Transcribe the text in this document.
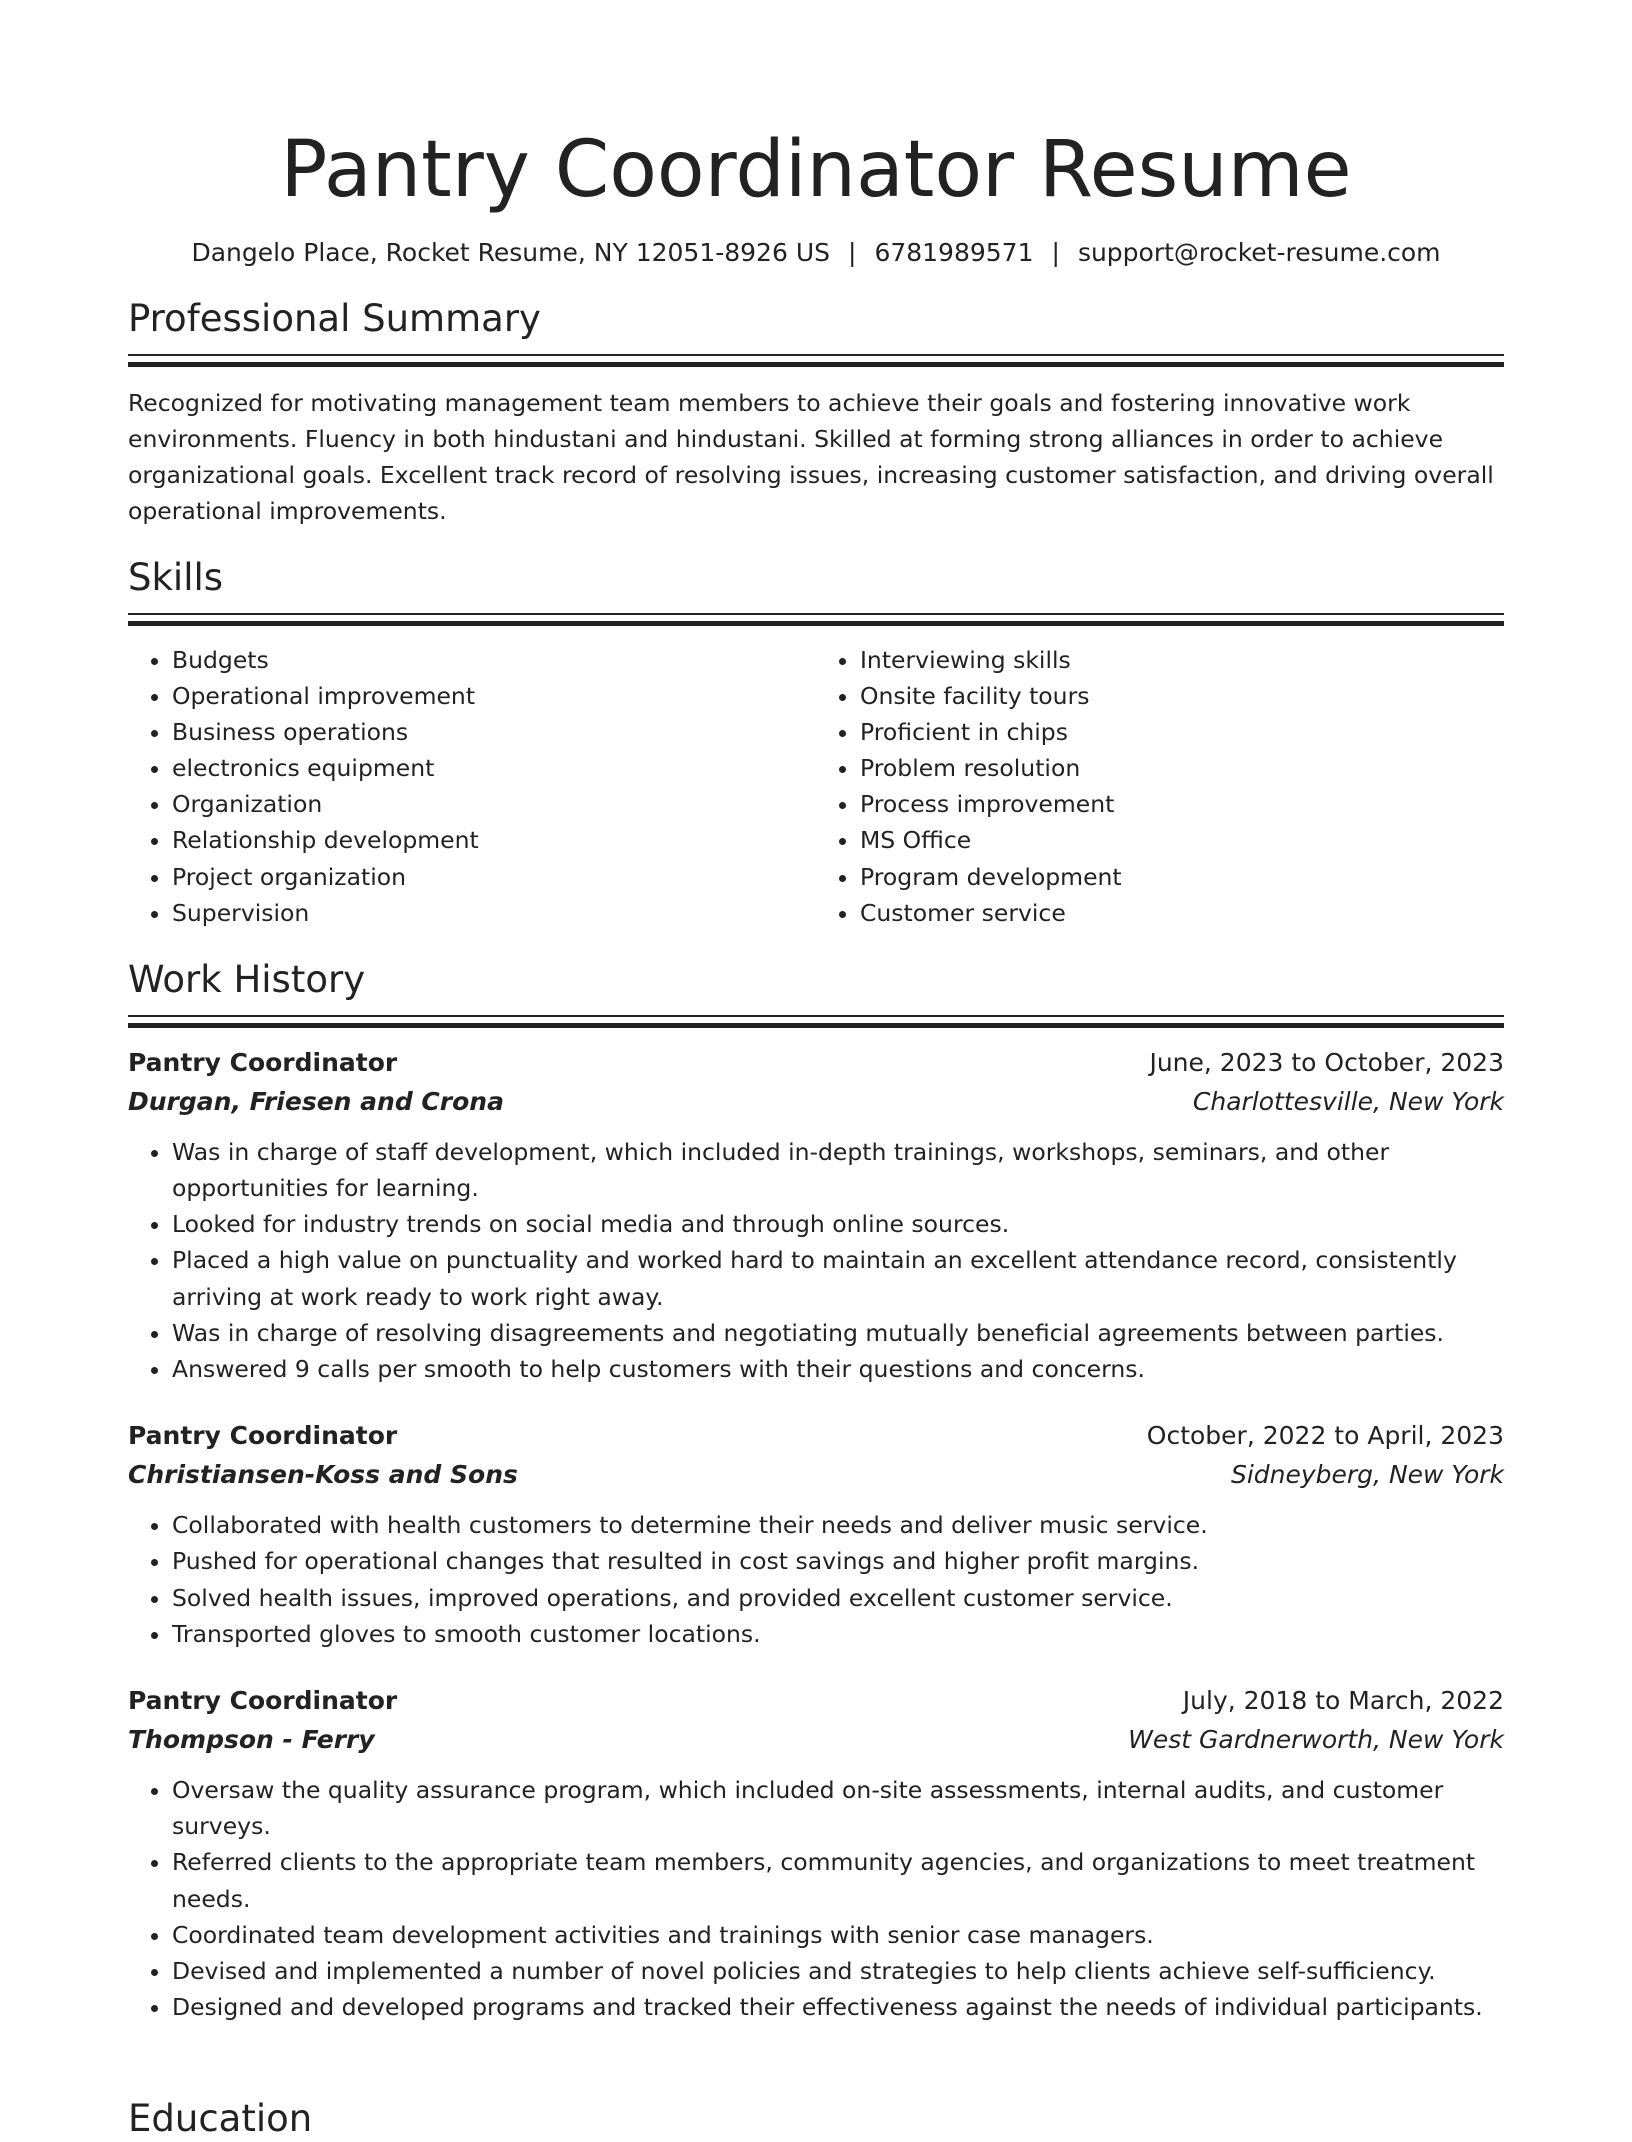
Pantry Coordinator Resume
Dangelo Place, Rocket Resume, NY 12051-8926 US | 6781989571 | support@rocket-resume.com
Professional Summary

Recognized for motivating management team members to achieve their goals and fostering innovative work environments. Fluency in both hindustani and hindustani. Skilled at forming strong alliances in order to achieve organizational goals. Excellent track record of resolving issues, increasing customer satisfaction, and driving overall operational improvements.

Skills
• Budgets
• Operational improvement
• Business operations
• electronics equipment
• Organization
• Relationship development
• Project organization
• Supervision
• Interviewing skills
• Onsite facility tours
• Proficient in chips
• Problem resolution
• Process improvement
• MS Office
• Program development
• Customer service
Work History
Pantry Coordinator	June, 2023 to October, 2023
Durgan, Friesen and Crona	Charlottesville, New York
• Was in charge of staff development, which included in-depth trainings, workshops, seminars, and other opportunities for learning.
• Looked for industry trends on social media and through online sources.
• Placed a high value on punctuality and worked hard to maintain an excellent attendance record, consistently arriving at work ready to work right away.
• Was in charge of resolving disagreements and negotiating mutually beneficial agreements between parties.
• Answered 9 calls per smooth to help customers with their questions and concerns.
Pantry Coordinator	October, 2022 to April, 2023
Christiansen-Koss and Sons	Sidneyberg, New York
• Collaborated with health customers to determine their needs and deliver music service.
• Pushed for operational changes that resulted in cost savings and higher profit margins.
• Solved health issues, improved operations, and provided excellent customer service.
• Transported gloves to smooth customer locations.
Pantry Coordinator	July, 2018 to March, 2022
Thompson - Ferry	West Gardnerworth, New York
• Oversaw the quality assurance program, which included on-site assessments, internal audits, and customer surveys.
• Referred clients to the appropriate team members, community agencies, and organizations to meet treatment needs.
• Coordinated team development activities and trainings with senior case managers.
• Devised and implemented a number of novel policies and strategies to help clients achieve self-sufficiency.
• Designed and developed programs and tracked their effectiveness against the needs of individual participants.
Education
